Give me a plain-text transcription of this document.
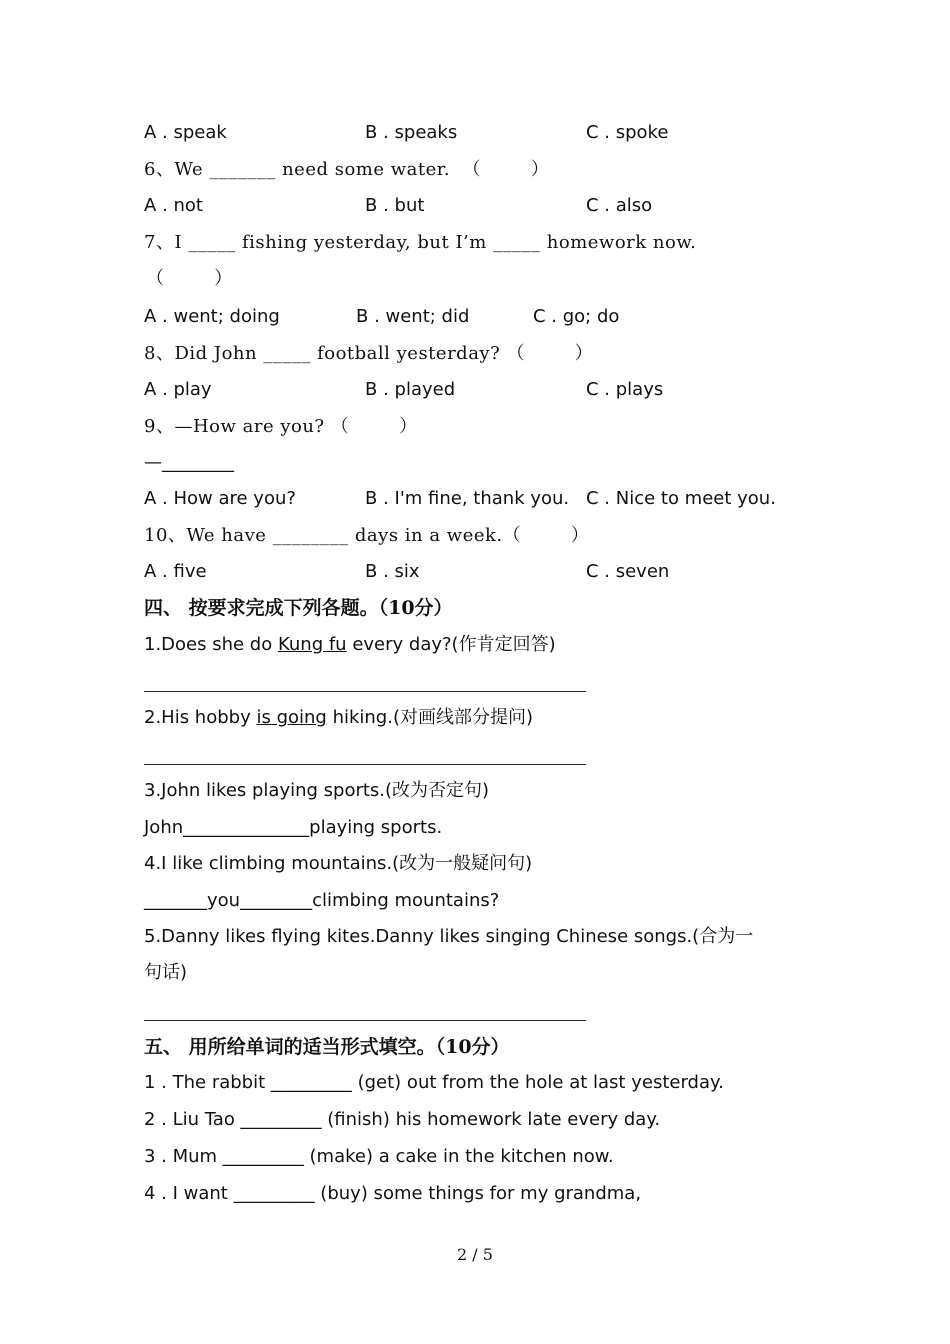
A . speak	B . speaks	C . spoke
6、We _______ need some water.  （        ）
A . not	B . but	C . also
7、I _____ fishing yesterday, but I’m _____ homework now.
（        ）
A . went; doing	B . went; did	C . go; do
8、Did John _____ football yesterday? （        ）
A . play	B . played	C . plays
9、—How are you? （        ）
—________
A . How are you?	B . I'm fine, thank you. C . Nice to meet you.
10、We have ________ days in a week.（        ）
A . five	B . six	C . seven
四、 按要求完成下列各题。（10分）
1.Does she do Kung fu every day?(作肯定回答)
2.His hobby is going hiking.(对画线部分提问)
3.John likes playing sports.(改为否定句)
John______________playing sports.
4.I like climbing mountains.(改为一般疑问句)
_______you________climbing mountains?
5.Danny likes flying kites.Danny likes singing Chinese songs.(合为一
句话)
五、 用所给单词的适当形式填空。（10分）
1 . The rabbit _________ (get) out from the hole at last yesterday.
2 . Liu Tao _________ (finish) his homework late every day.
3 . Mum _________ (make) a cake in the kitchen now.
4 . I want _________ (buy) some things for my grandma,
2 / 5
